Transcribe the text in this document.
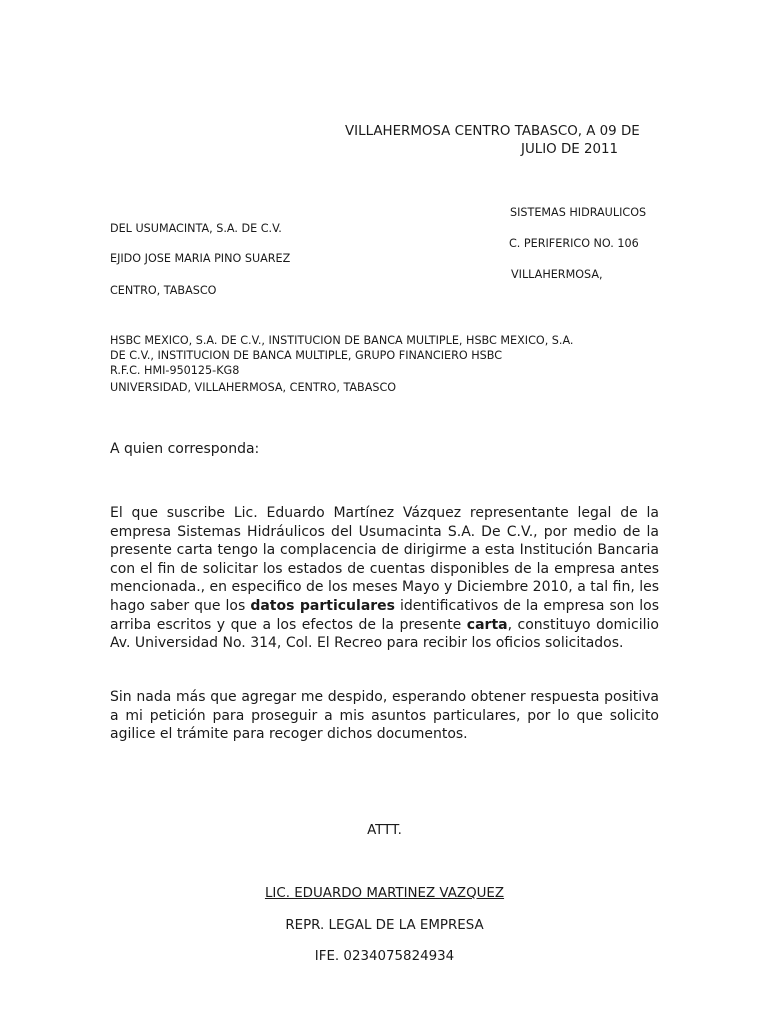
VILLAHERMOSA CENTRO TABASCO, A 09 DE
JULIO DE 2011
SISTEMAS HIDRAULICOS
DEL USUMACINTA, S.A. DE C.V.
C. PERIFERICO NO. 106
EJIDO JOSE MARIA PINO SUAREZ
VILLAHERMOSA,
CENTRO, TABASCO
HSBC MEXICO, S.A. DE C.V., INSTITUCION DE BANCA MULTIPLE, HSBC MEXICO, S.A.
DE C.V., INSTITUCION DE BANCA MULTIPLE, GRUPO FINANCIERO HSBC
R.F.C. HMI-950125-KG8
UNIVERSIDAD, VILLAHERMOSA, CENTRO, TABASCO
A quien corresponda:
El que suscribe Lic. Eduardo Martínez Vázquez representante legal de la empresa Sistemas Hidráulicos del Usumacinta S.A. De C.V., por medio de la presente carta tengo la complacencia de dirigirme a esta Institución Bancaria con el fin de solicitar los estados de cuentas disponibles de la empresa antes mencionada., en especifico de los meses Mayo y Diciembre 2010, a tal fin, les hago saber que los datos particulares identificativos de la empresa son los arriba escritos y que a los efectos de la presente carta, constituyo domicilio Av. Universidad No. 314, Col. El Recreo para recibir los oficios solicitados.
Sin nada más que agregar me despido, esperando obtener respuesta positiva a mi petición para proseguir a mis asuntos particulares, por lo que solicito agilice el trámite para recoger dichos documentos.
ATTT.
LIC. EDUARDO MARTINEZ VAZQUEZ
REPR. LEGAL DE LA EMPRESA
IFE. 0234075824934
